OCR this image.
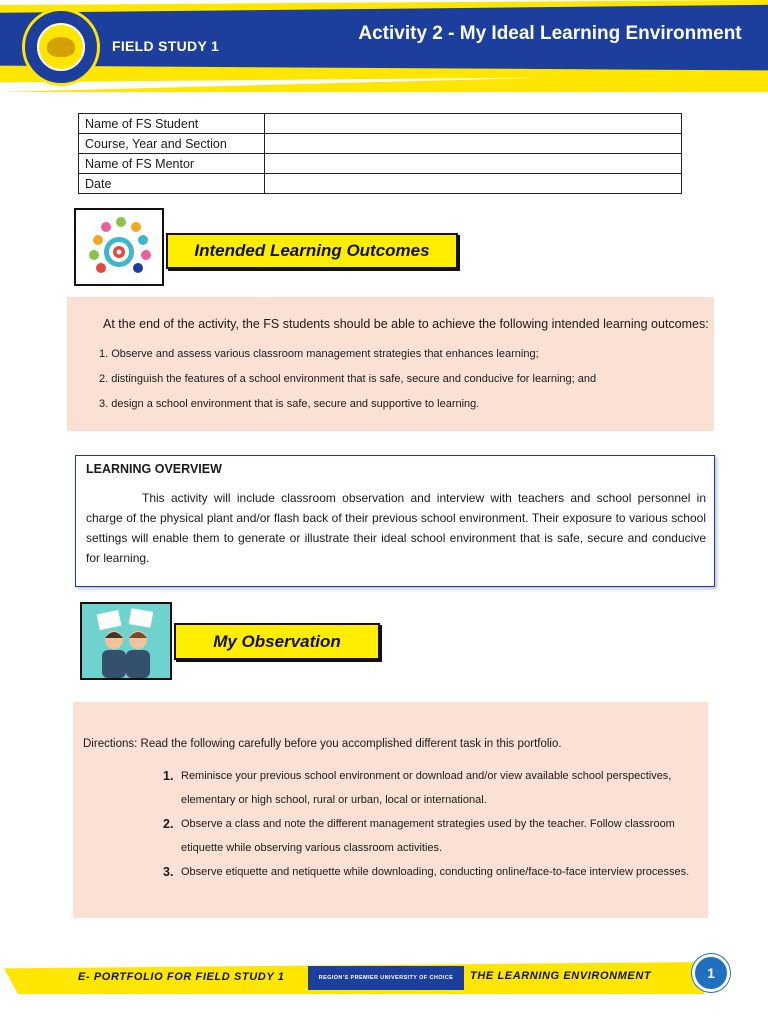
FIELD STUDY 1
Activity 2 - My Ideal Learning Environment
Name of FS Student	
Course, Year and Section	
Name of FS Mentor	
Date	
Intended Learning Outcomes
At the end of the activity, the FS students should be able to achieve the following intended learning outcomes:
1. Observe and assess various classroom management strategies that enhances learning;
2. distinguish the features of a school environment that is safe, secure and conducive for learning; and
3. design a school environment that is safe, secure and supportive to learning.
LEARNING OVERVIEW
This activity will include classroom observation and interview with teachers and school personnel in charge of the physical plant and/or flash back of their previous school environment. Their exposure to various school settings will enable them to generate or illustrate their ideal school environment that is safe, secure and conducive for learning.
My Observation
Directions: Read the following carefully before you accomplished different task in this portfolio.
1. Reminisce your previous school environment or download and/or view available school perspectives, elementary or high school, rural or urban, local or international.
2. Observe a class and note the different management strategies used by the teacher. Follow classroom etiquette while observing various classroom activities.
3. Observe etiquette and netiquette while downloading, conducting online/face-to-face interview processes.
E- PORTFOLIO FOR FIELD STUDY 1	REGION'S PREMIER UNIVERSITY OF CHOICE	THE LEARNING ENVIRONMENT	1
